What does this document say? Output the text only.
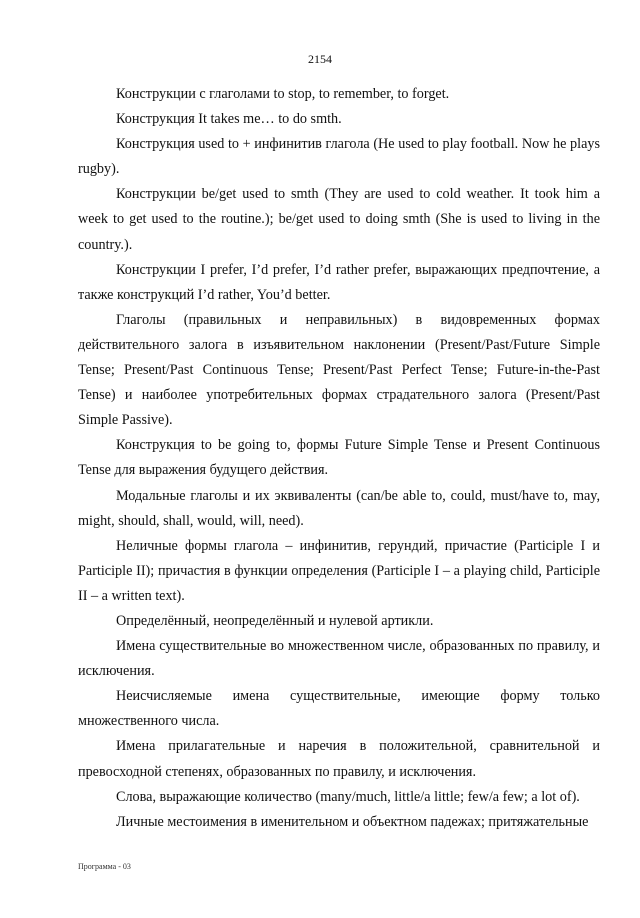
2154

Конструкции с глаголами to stop, to remember, to forget.

Конструкция It takes me… to do smth.

Конструкция used to + инфинитив глагола (He used to play football. Now he plays rugby).

Конструкции be/get used to smth (They are used to cold weather. It took him a week to get used to the routine.); be/get used to doing smth (She is used to living in the country.).

Конструкции I prefer, I’d prefer, I’d rather prefer, выражающих предпочтение, а также конструкций I’d rather, You’d better.

Глаголы (правильных и неправильных) в видовременных формах действительного залога в изъявительном наклонении (Present/Past/Future Simple Tense; Present/Past Continuous Tense; Present/Past Perfect Tense; Future-in-the-Past Tense) и наиболее употребительных формах страдательного залога (Present/Past Simple Passive).

Конструкция to be going to, формы Future Simple Tense и Present Continuous Tense для выражения будущего действия.

Модальные глаголы и их эквиваленты (can/be able to, could, must/have to, may, might, should, shall, would, will, need).

Неличные формы глагола – инфинитив, герундий, причастие (Participle I и Participle II); причастия в функции определения (Participle I – a playing child, Participle II – a written text).

Определённый, неопределённый и нулевой артикли.

Имена существительные во множественном числе, образованных по правилу, и исключения.

Неисчисляемые имена существительные, имеющие форму только множественного числа.

Имена прилагательные и наречия в положительной, сравнительной и превосходной степенях, образованных по правилу, и исключения.

Слова, выражающие количество (many/much, little/a little; few/a few; a lot of).

Личные местоимения в именительном и объектном падежах; притяжательные

Программа - 03
